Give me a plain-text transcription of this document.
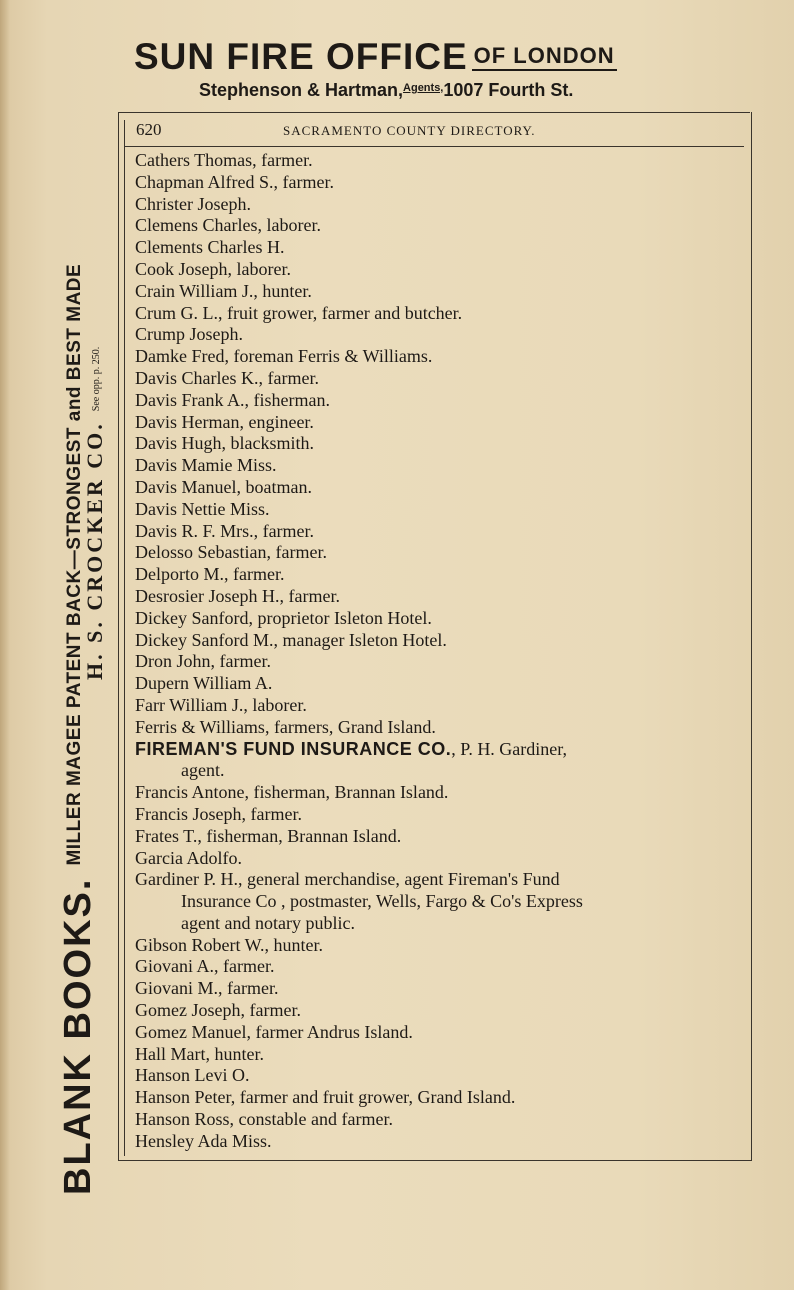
SUN FIRE OFFICE OF LONDON
Stephenson & Hartman,$^{Agents,}$1007 Fourth St.
BLANK BOOKS.MILLER MAGEE PATENT BACK—STRONGEST and BEST MADE
H. S. CROCKER CO.See opp. p. 250.
620	SACRAMENTO COUNTY DIRECTORY.
Cathers Thomas, farmer.
Chapman Alfred S., farmer.
Christer Joseph.
Clemens Charles, laborer.
Clements Charles H.
Cook Joseph, laborer.
Crain William J., hunter.
Crum G. L., fruit grower, farmer and butcher.
Crump Joseph.
Damke Fred, foreman Ferris & Williams.
Davis Charles K., farmer.
Davis Frank A., fisherman.
Davis Herman, engineer.
Davis Hugh, blacksmith.
Davis Mamie Miss.
Davis Manuel, boatman.
Davis Nettie Miss.
Davis R. F. Mrs., farmer.
Delosso Sebastian, farmer.
Delporto M., farmer.
Desrosier Joseph H., farmer.
Dickey Sanford, proprietor Isleton Hotel.
Dickey Sanford M., manager Isleton Hotel.
Dron John, farmer.
Dupern William A.
Farr William J., laborer.
Ferris & Williams, farmers, Grand Island.
FIREMAN'S FUND INSURANCE CO., P. H. Gardiner,
agent.
Francis Antone, fisherman, Brannan Island.
Francis Joseph, farmer.
Frates T., fisherman, Brannan Island.
Garcia Adolfo.
Gardiner P. H., general merchandise, agent Fireman's Fund
Insurance Co , postmaster, Wells, Fargo & Co's Express
agent and notary public.
Gibson Robert W., hunter.
Giovani A., farmer.
Giovani M., farmer.
Gomez Joseph, farmer.
Gomez Manuel, farmer Andrus Island.
Hall Mart, hunter.
Hanson Levi O.
Hanson Peter, farmer and fruit grower, Grand Island.
Hanson Ross, constable and farmer.
Hensley Ada Miss.
